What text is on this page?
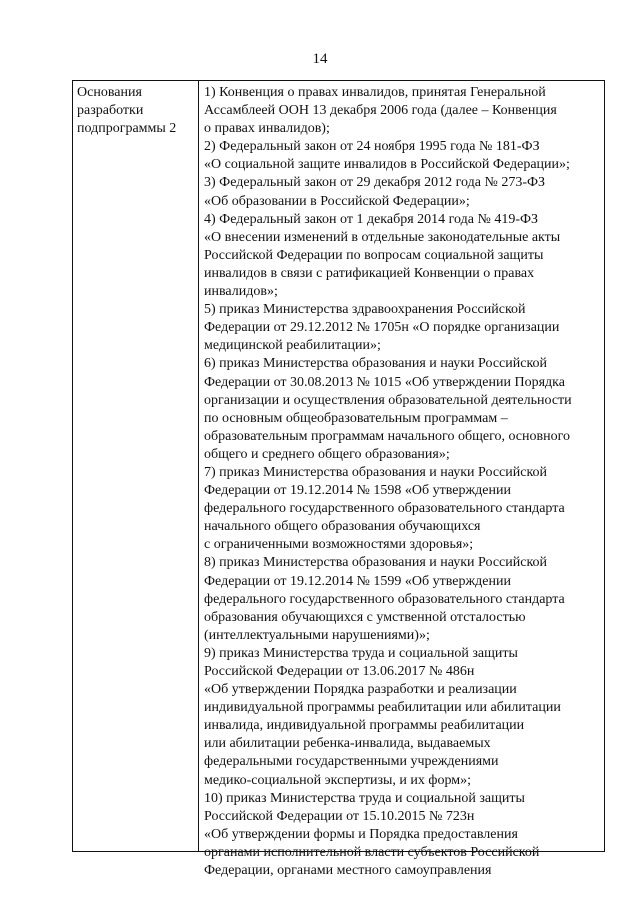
14
Основания
разработки
подпрограммы 2
1) Конвенция о правах инвалидов, принятая Генеральной
Ассамблеей ООН 13 декабря 2006 года (далее – Конвенция
о правах инвалидов);
2) Федеральный закон от 24 ноября 1995 года № 181-ФЗ
«О социальной защите инвалидов в Российской Федерации»;
3) Федеральный закон от 29 декабря 2012 года № 273-ФЗ
«Об образовании в Российской Федерации»;
4) Федеральный закон от 1 декабря 2014 года № 419-ФЗ
«О внесении изменений в отдельные законодательные акты
Российской Федерации по вопросам социальной защиты
инвалидов в связи с ратификацией Конвенции о правах
инвалидов»;
5) приказ Министерства здравоохранения Российской
Федерации от 29.12.2012 № 1705н «О порядке организации
медицинской реабилитации»;
6) приказ Министерства образования и науки Российской
Федерации от 30.08.2013 № 1015 «Об утверждении Порядка
организации и осуществления образовательной деятельности
по основным общеобразовательным программам –
образовательным программам начального общего, основного
общего и среднего общего образования»;
7) приказ Министерства образования и науки Российской
Федерации от 19.12.2014 № 1598 «Об утверждении
федерального государственного образовательного стандарта
начального общего образования обучающихся
с ограниченными возможностями здоровья»;
8) приказ Министерства образования и науки Российской
Федерации от 19.12.2014 № 1599 «Об утверждении
федерального государственного образовательного стандарта
образования обучающихся с умственной отсталостью
(интеллектуальными нарушениями)»;
9) приказ Министерства труда и социальной защиты
Российской Федерации от 13.06.2017 № 486н
«Об утверждении Порядка разработки и реализации
индивидуальной программы реабилитации или абилитации
инвалида, индивидуальной программы реабилитации
или абилитации ребенка-инвалида, выдаваемых
федеральными государственными учреждениями
медико-социальной экспертизы, и их форм»;
10) приказ Министерства труда и социальной защиты
Российской Федерации от 15.10.2015 № 723н
«Об утверждении формы и Порядка предоставления
органами исполнительной власти субъектов Российской
Федерации, органами местного самоуправления
